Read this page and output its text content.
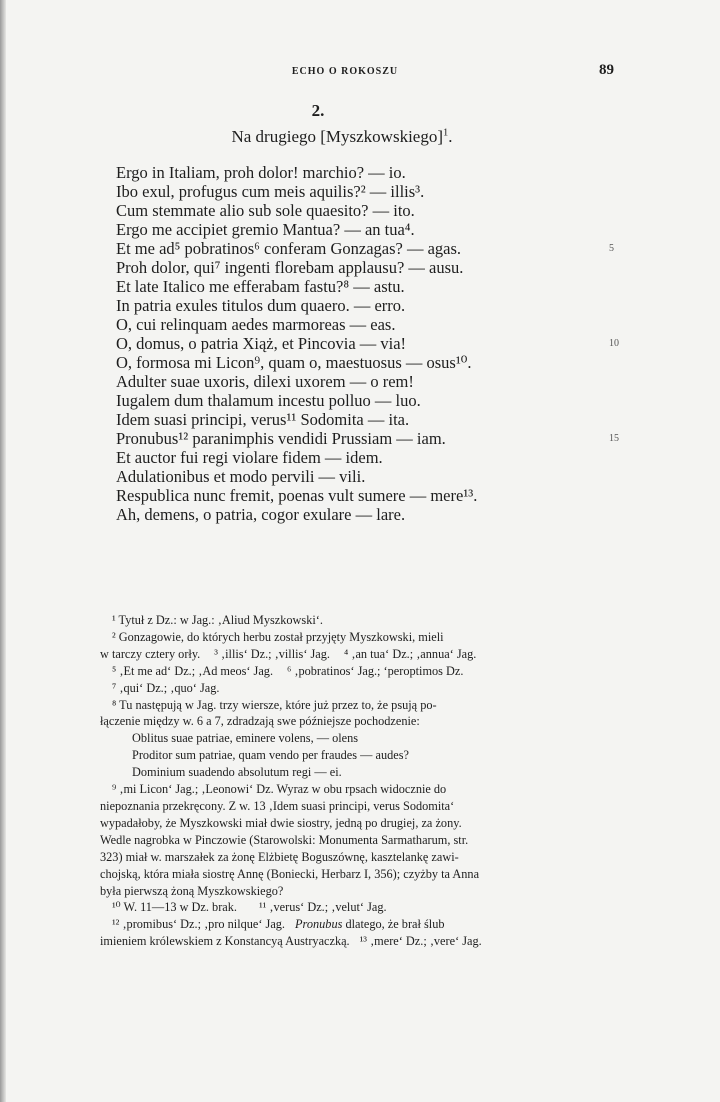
ECHO O ROKOSZU	89
2.
Na drugiego [Myszkowskiego]$^1$.
Ergo in Italiam, proh dolor! marchio? — io.
Ibo exul, profugus cum meis aquilis?² — illis³.
Cum stemmate alio sub sole quaesito? — ito.
Ergo me accipiet gremio Mantua? — an tua⁴.
Et me ad⁵ pobratinos⁶ conferam Gonzagas? — agas.	5
Proh dolor, qui⁷ ingenti florebam applausu? — ausu.
Et late Italico me efferabam fastu?⁸ — astu.
In patria exules titulos dum quaero. — erro.
O, cui relinquam aedes marmoreas — eas.
O, domus, o patria Xiąż, et Pincovia — via!	10
O, formosa mi Licon⁹, quam o, maestuosus — osus¹⁰.
Adulter suae uxoris, dilexi uxorem — o rem!
Iugalem dum thalamum incestu polluo — luo.
Idem suasi principi, verus¹¹ Sodomita — ita.
Pronubus¹² paranimphis vendidi Prussiam — iam.	15
Et auctor fui regi violare fidem — idem.
Adulationibus et modo pervili — vili.
Respublica nunc fremit, poenas vult sumere — mere¹³.
Ah, demens, o patria, cogor exulare — lare.
¹ Tytuł z Dz.: w Jag.: ‚Aliud Myszkowski‘.
² Gonzagowie, do których herbu został przyjęty Myszkowski, mieli
w tarczy cztery orły. ³ ‚illis‘ Dz.; ‚villis‘ Jag. ⁴ ‚an tua‘ Dz.; ‚annua‘ Jag.
⁵ ‚Et me ad‘ Dz.; ‚Ad meos‘ Jag. ⁶ ‚pobratinos‘ Jag.; ‘peroptimos Dz.
⁷ ‚qui‘ Dz.; ‚quo‘ Jag.
⁸ Tu następują w Jag. trzy wiersze, które już przez to, że psują po-
łączenie między w. 6 a 7, zdradzają swe późniejsze pochodzenie:
Oblitus suae patriae, eminere volens, — olens
Proditor sum patriae, quam vendo per fraudes — audes?
Dominium suadendo absolutum regi — ei.
⁹ ‚mi Licon‘ Jag.; ‚Leonowi‘ Dz. Wyraz w obu rpsach widocznie do
niepoznania przekręcony. Z w. 13 ‚Idem suasi principi, verus Sodomita‘
wypadałoby, że Myszkowski miał dwie siostry, jedną po drugiej, za żony.
Wedle nagrobka w Pinczowie (Starowolski: Monumenta Sarmatharum, str.
323) miał w. marszałek za żonę Elżbietę Boguszównę, kasztelankę zawi-
chojską, która miała siostrę Annę (Boniecki, Herbarz I, 356); czyżby ta Anna
była pierwszą żoną Myszkowskiego?
¹⁰ W. 11—13 w Dz. brak. ¹¹ ‚verus‘ Dz.; ‚velut‘ Jag.
¹² ‚promibus‘ Dz.; ‚pro nilque‘ Jag. Pronubus dlatego, że brał ślub
imieniem królewskiem z Konstancyą Austryaczką. ¹³ ‚mere‘ Dz.; ‚vere‘ Jag.
